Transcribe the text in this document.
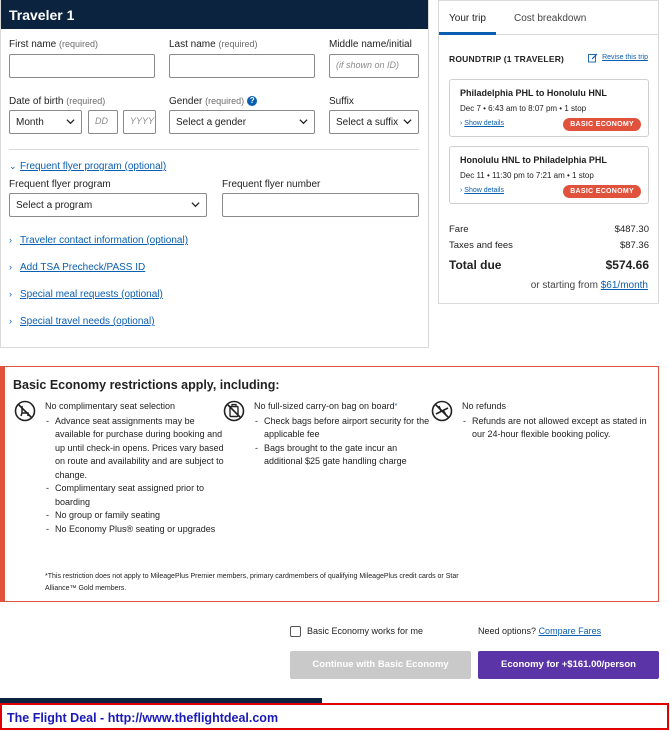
Traveler 1
First name (required)	Last name (required)	Middle name/initial
(if shown on ID)
Date of birth (required)
Month	DD	YYYY
Gender (required) ?
Select a gender
Suffix
Select a suffix
⌄ Frequent flyer program (optional)
Frequent flyer program
Select a program
Frequent flyer number
› Traveler contact information (optional)
› Add TSA Precheck/PASS ID
› Special meal requests (optional)
› Special travel needs (optional)
Your trip	Cost breakdown
ROUNDTRIP (1 TRAVELER)	Revise this trip
Philadelphia PHL to Honolulu HNL
Dec 7 • 6:43 am to 8:07 pm • 1 stop
› Show details	BASIC ECONOMY
Honolulu HNL to Philadelphia PHL
Dec 11 • 11:30 pm to 7:21 am • 1 stop
› Show details	BASIC ECONOMY
Fare	$487.30
Taxes and fees	$87.36
Total due	$574.66
or starting from $61/month
Basic Economy restrictions apply, including:
No complimentary seat selection
- Advance seat assignments may be available for purchase during booking and up until check-in opens. Prices vary based on route and availability and are subject to change.
- Complimentary seat assigned prior to boarding
- No group or family seating
- No Economy Plus® seating or upgrades
No full-sized carry-on bag on board*
- Check bags before airport security for the applicable fee
- Bags brought to the gate incur an additional $25 gate handling charge
No refunds
- Refunds are not allowed except as stated in our 24-hour flexible booking policy.
*This restriction does not apply to MileagePlus Premier members, primary cardmembers of qualifying MileagePlus credit cards or Star Alliance™ Gold members.
Basic Economy works for me	Need options? Compare Fares
Continue with Basic Economy	Economy for +$161.00/person
The Flight Deal - http://www.theflightdeal.com
